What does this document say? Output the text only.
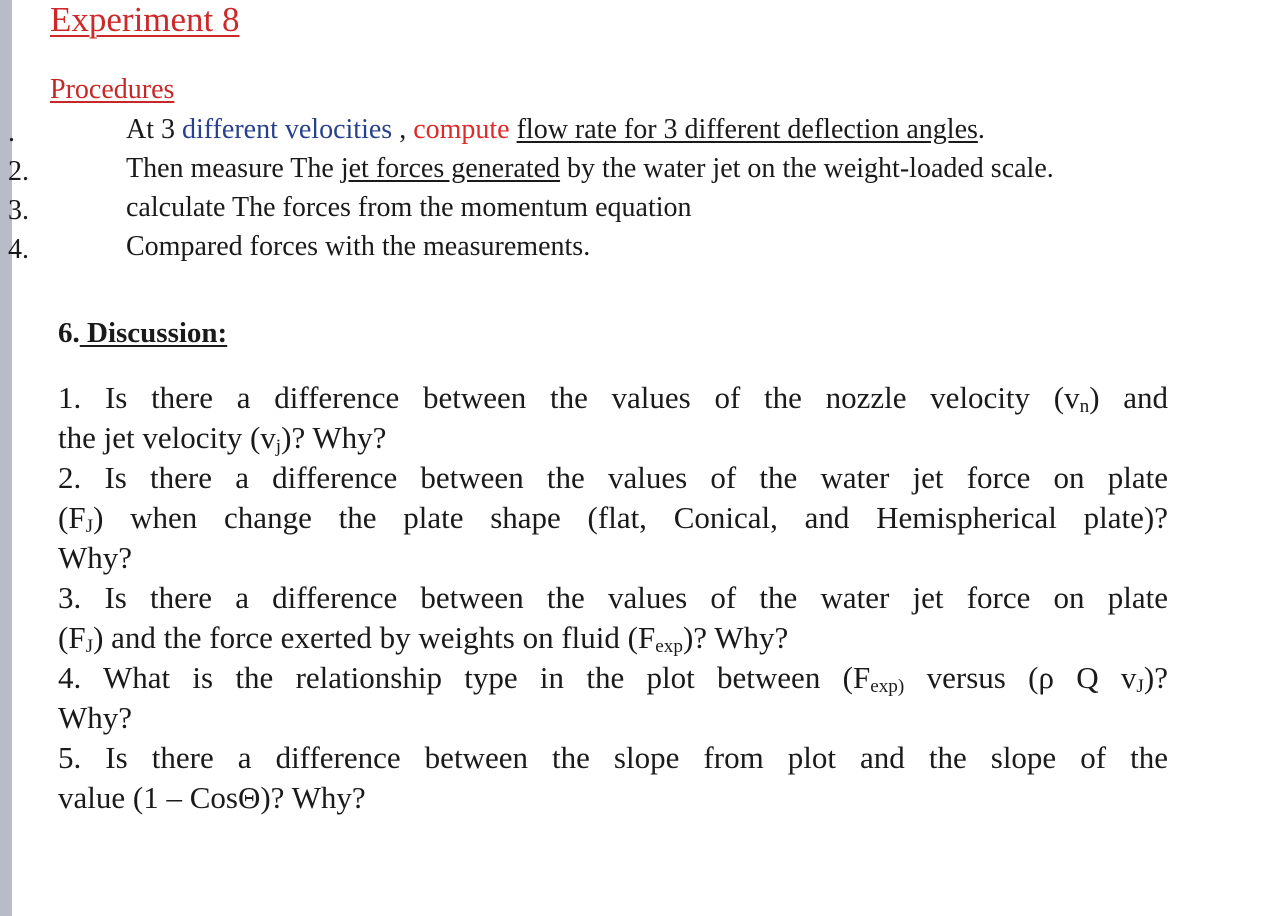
Experiment 8
Procedures
.
2.
3.
4.
At 3 different velocities , compute flow rate for 3 different deflection angles.
Then measure The jet forces generated by the water jet on the weight-loaded scale.
calculate The forces from the momentum equation
Compared forces with the measurements.
6. Discussion:
1. Is there a difference between the values of the nozzle velocity $(v_n)$ and
the jet velocity $(v_j)$? Why?
2. Is there a difference between the values of the water jet force on plate
$(F_J)$ when change the plate shape (flat, Conical, and Hemispherical plate)?
Why?
3. Is there a difference between the values of the water jet force on plate
$(F_J)$ and the force exerted by weights on fluid $(F_{exp})$? Why?
4. What is the relationship type in the plot between ($F_{exp)}$ versus (ρ Q $v_J$)?
Why?
5. Is there a difference between the slope from plot and the slope of the
value (1 – CosΘ)? Why?
